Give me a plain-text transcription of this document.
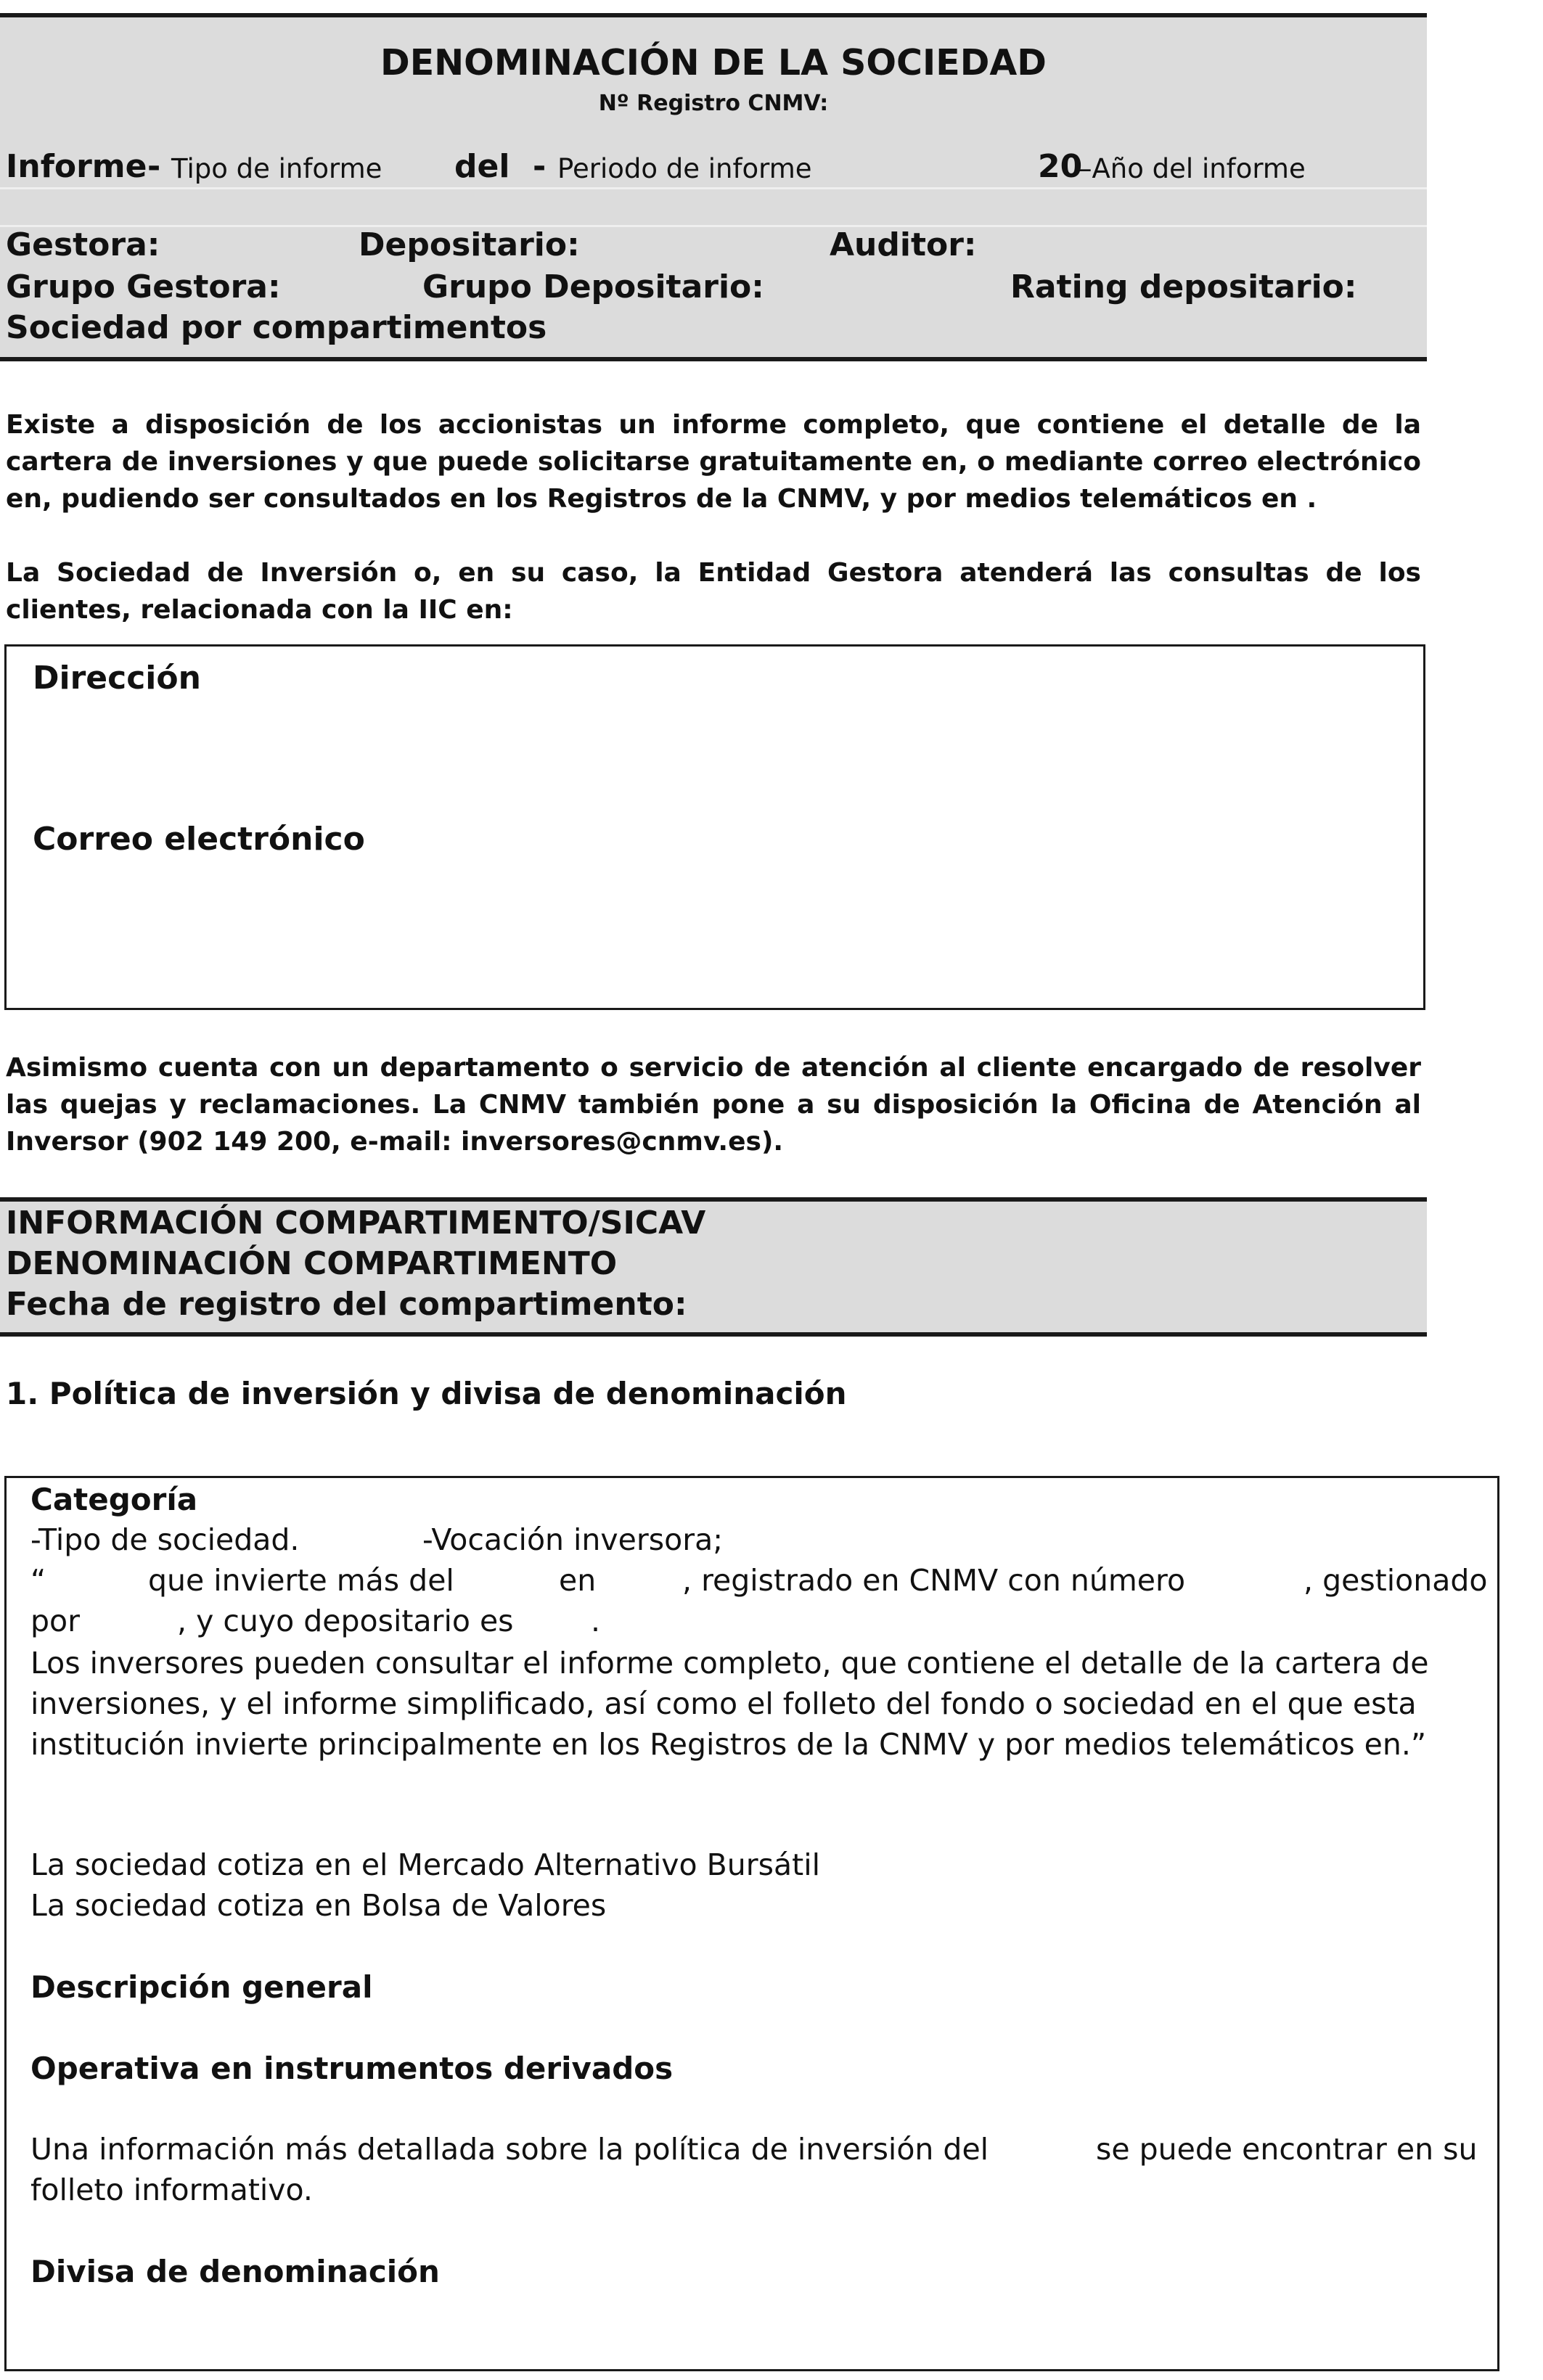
DENOMINACIÓN DE LA SOCIEDAD
Nº Registro CNMV:
Informe - Tipo de informe del - Periodo de informe	20
–Año del informe
Gestora:	Depositario:	Auditor:
Grupo Gestora:	Grupo Depositario:	Rating depositario:
Sociedad por compartimentos

Existe a disposición de los accionistas un informe completo, que contiene el detalle de la cartera de inversiones y que puede solicitarse gratuitamente en, o mediante correo electrónico en, pudiendo ser consultados en los Registros de la CNMV, y por medios telemáticos en .

La Sociedad de Inversión o, en su caso, la Entidad Gestora atenderá las consultas de los clientes, relacionada con la IIC en:

Dirección
Correo electrónico

Asimismo cuenta con un departamento o servicio de atención al cliente encargado de resolver las quejas y reclamaciones. La CNMV también pone a su disposición la Oficina de Atención al Inversor (902 149 200, e-mail: inversores@cnmv.es).

INFORMACIÓN COMPARTIMENTO/SICAV
DENOMINACIÓN COMPARTIMENTO
Fecha de registro del compartimento:
1. Política de inversión y divisa de denominación
Categoría
-Tipo de sociedad.	-Vocación inversora;
“	que invierte más del	en	, registrado en CNMV con número	, gestionado
por	, y cuyo depositario es	.

Los inversores pueden consultar el informe completo, que contiene el detalle de la cartera de inversiones, y el informe simplificado, así como el folleto del fondo o sociedad en el que esta institución invierte principalmente en los Registros de la CNMV y por medios telemáticos en.”

La sociedad cotiza en el Mercado Alternativo Bursátil
La sociedad cotiza en Bolsa de Valores
Descripción general
Operativa en instrumentos derivados
Una información más detallada sobre la política de inversión del	se puede encontrar en su
folleto informativo.
Divisa de denominación
